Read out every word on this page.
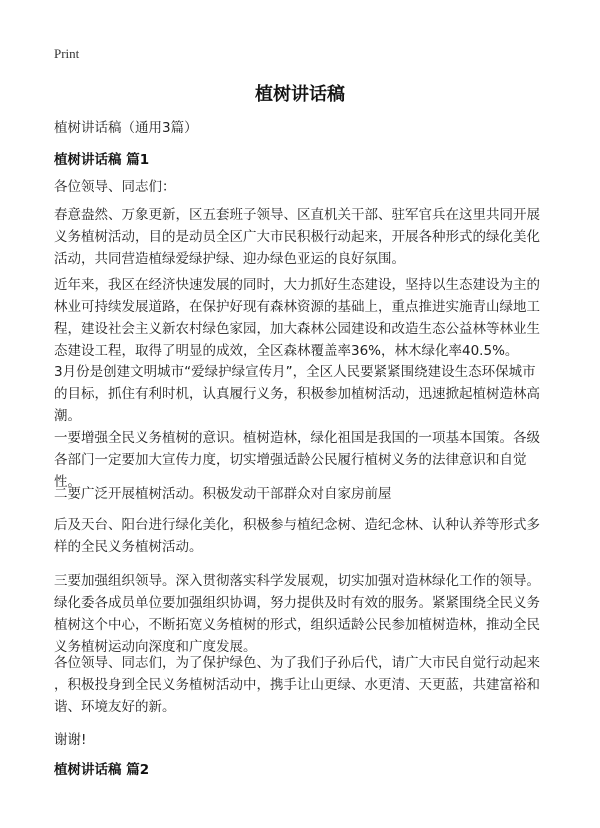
Print
植树讲话稿
植树讲话稿（通用3篇）
植树讲话稿 篇1
各位领导、同志们：
春意盎然、万象更新，区五套班子领导、区直机关干部、驻军官兵在这里共同开展
义务植树活动，目的是动员全区广大市民积极行动起来，开展各种形式的绿化美化
活动，共同营造植绿爱绿护绿、迎办绿色亚运的良好氛围。
近年来，我区在经济快速发展的同时，大力抓好生态建设，坚持以生态建设为主的
林业可持续发展道路，在保护好现有森林资源的基础上，重点推进实施青山绿地工
程，建设社会主义新农村绿色家园，加大森林公园建设和改造生态公益林等林业生
态建设工程，取得了明显的成效，全区森林覆盖率36%，林木绿化率40.5%。
3月份是创建文明城市“爱绿护绿宣传月”，全区人民要紧紧围绕建设生态环保城市
的目标，抓住有利时机，认真履行义务，积极参加植树活动，迅速掀起植树造林高
潮。
一要增强全民义务植树的意识。植树造林，绿化祖国是我国的一项基本国策。各级
各部门一定要加大宣传力度，切实增强适龄公民履行植树义务的法律意识和自觉
性。
二要广泛开展植树活动。积极发动干部群众对自家房前屋
后及天台、阳台进行绿化美化，积极参与植纪念树、造纪念林、认种认养等形式多
样的全民义务植树活动。
三要加强组织领导。深入贯彻落实科学发展观，切实加强对造林绿化工作的领导。
绿化委各成员单位要加强组织协调，努力提供及时有效的服务。紧紧围绕全民义务
植树这个中心，不断拓宽义务植树的形式，组织适龄公民参加植树造林，推动全民
义务植树运动向深度和广度发展。
各位领导、同志们，为了保护绿色、为了我们子孙后代，请广大市民自觉行动起来
，积极投身到全民义务植树活动中，携手让山更绿、水更清、天更蓝，共建富裕和
谐、环境友好的新。
谢谢!
植树讲话稿 篇2
